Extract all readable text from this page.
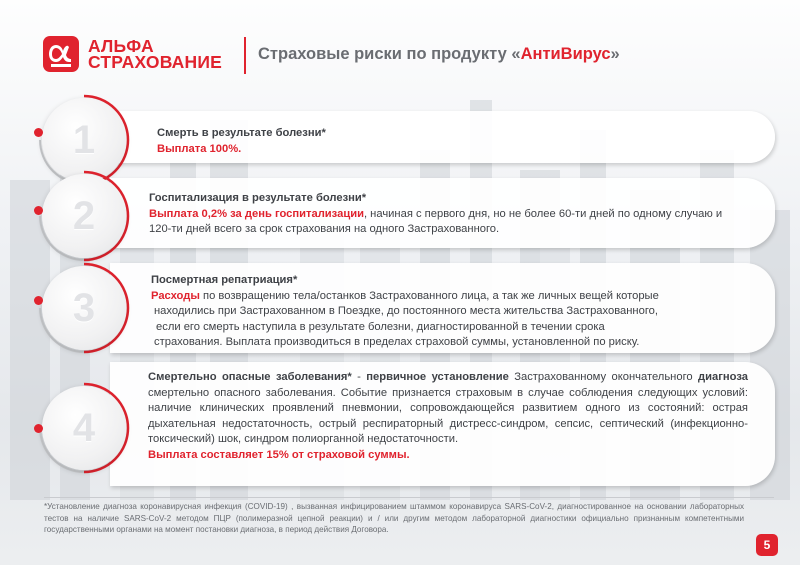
АЛЬФА
СТРАХОВАНИЕ Страховые риски по продукту «АнтиВирус»
1	Смерть в результате болезни*
Выплата 100%.
2	Госпитализация в результате болезни*
Выплата 0,2% за день госпитализации, начиная с первого дня, но не более 60-ти дней по одному случаю и 120-ти дней всего за срок страхования на одного Застрахованного.
3
Посмертная репатриация*
Расходы по возвращению тела/останков Застрахованного лица, а так же личных вещей которые
находились при Застрахованном в Поездке, до постоянного места жительства Застрахованного,
если его смерть наступила в результате болезни, диагностированной в течении срока
страхования. Выплата производиться в пределах страховой суммы, установленной по риску.
4
Смертельно опасные заболевания* - первичное установление Застрахованному окончательного диагноза смертельно опасного заболевания. Событие признается страховым в случае соблюдения следующих условий: наличие клинических проявлений пневмонии, сопровождающейся развитием одного из состояний: острая дыхательная недостаточность, острый респираторный дистресс-синдром, сепсис, септический (инфекционно-токсический) шок, синдром полиорганной недостаточности.
Выплата составляет 15% от страховой суммы.
*Установление диагноза коронавирусная инфекция (COVID-19) , вызванная инфицированием штаммом коронавируса SARS-CoV-2, диагностированное на основании лабораторных тестов на наличие SARS-CoV-2 методом ПЦР (полимеразной цепной реакции) и / или другим методом лабораторной диагностики официально признанным компетентными государственными органами на момент постановки диагноза, в период действия Договора.
5
